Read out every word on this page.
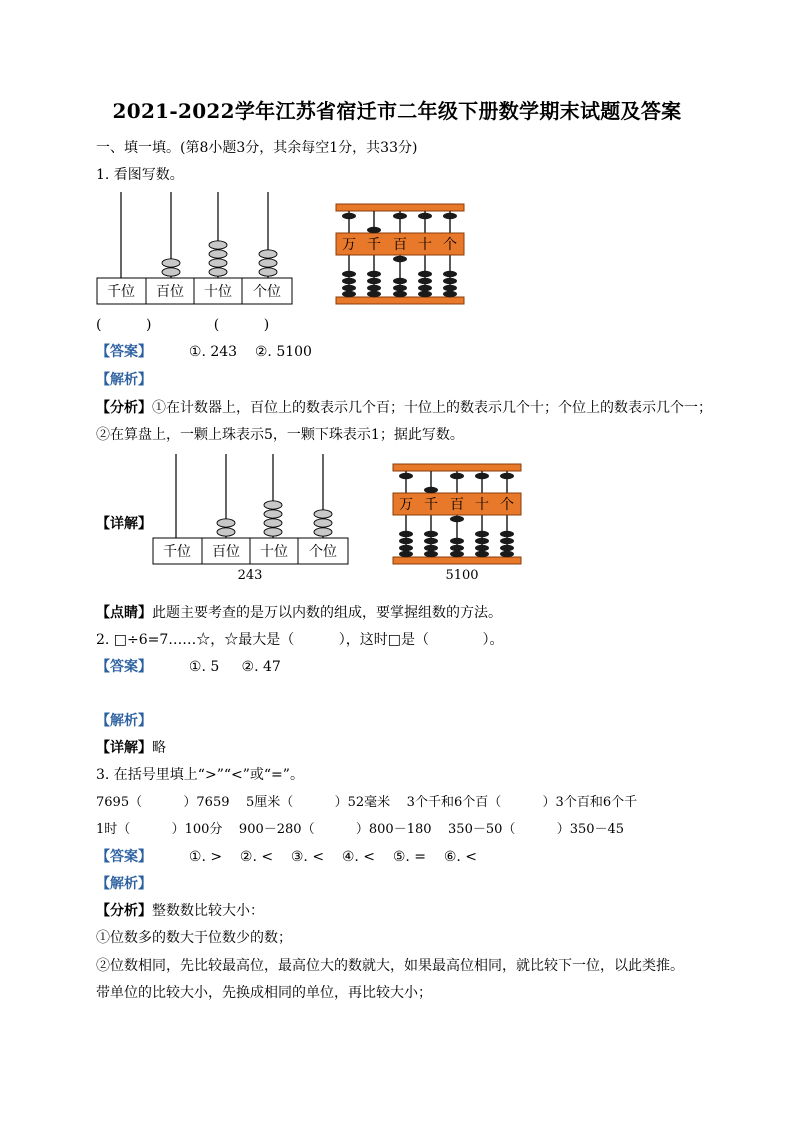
2021-2022学年江苏省宿迁市二年级下册数学期末试题及答案
一、填一填。(第8小题3分，其余每空1分，共33分)
1. 看图写数。
千位 百位 十位 个位
万 千 百 十 个
(          )              (          )
【答案】	①. 243    ②. 5100
【解析】
【分析】①在计数器上，百位上的数表示几个百；十位上的数表示几个十；个位上的数表示几个一；
②在算盘上，一颗上珠表示5，一颗下珠表示1；据此写数。
【详解】
千位 百位 十位 个位
243
万 千 百 十 个
5100
【点睛】此题主要考查的是万以内数的组成，要掌握组数的方法。
2. □÷6=7……☆，☆最大是（          ），这时□是（            ）。
【答案】	①. 5     ②. 47
【解析】
【详解】略
3. 在括号里填上“>”“<”或“=”。
7695（          ）7659    5厘米（          ）52毫米    3个千和6个百（          ）3个百和6个千
1时（          ）100分    900－280（          ）800－180    350－50（          ）350－45
【答案】	①. >    ②. <    ③. <    ④. <    ⑤. =    ⑥. <
【解析】
【分析】整数数比较大小：
①位数多的数大于位数少的数；
②位数相同，先比较最高位，最高位大的数就大，如果最高位相同，就比较下一位，以此类推。
带单位的比较大小，先换成相同的单位，再比较大小；
